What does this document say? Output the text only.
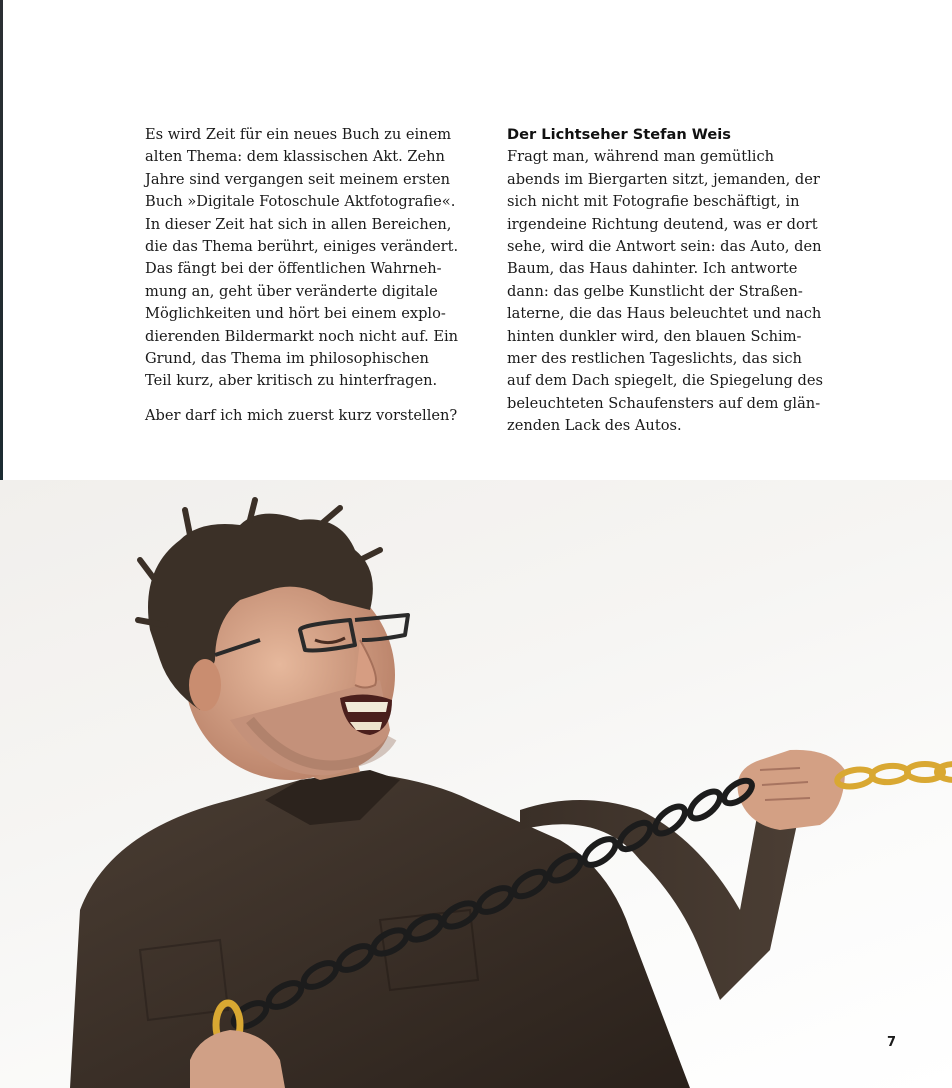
Es wird Zeit für ein neues Buch zu einem
alten Thema: dem klassischen Akt. Zehn
Jahre sind vergangen seit meinem ersten
Buch »Digitale Fotoschule Aktfotografie«.
In dieser Zeit hat sich in allen Bereichen,
die das Thema berührt, einiges verändert.
Das fängt bei der öffentlichen Wahrneh-
mung an, geht über veränderte digitale
Möglichkeiten und hört bei einem explo-
dierenden Bildermarkt noch nicht auf. Ein
Grund, das Thema im philosophischen
Teil kurz, aber kritisch zu hinterfragen.
Aber darf ich mich zuerst kurz vorstellen?
Der Lichtseher Stefan Weis
Fragt man, während man gemütlich
abends im Biergarten sitzt, jemanden, der
sich nicht mit Fotografie beschäftigt, in
irgendeine Richtung deutend, was er dort
sehe, wird die Antwort sein: das Auto, den
Baum, das Haus dahinter. Ich antworte
dann: das gelbe Kunstlicht der Straßen-
laterne, die das Haus beleuchtet und nach
hinten dunkler wird, den blauen Schim-
mer des restlichen Tageslichts, das sich
auf dem Dach spiegelt, die Spiegelung des
beleuchteten Schaufensters auf dem glän-
zenden Lack des Autos.
7
